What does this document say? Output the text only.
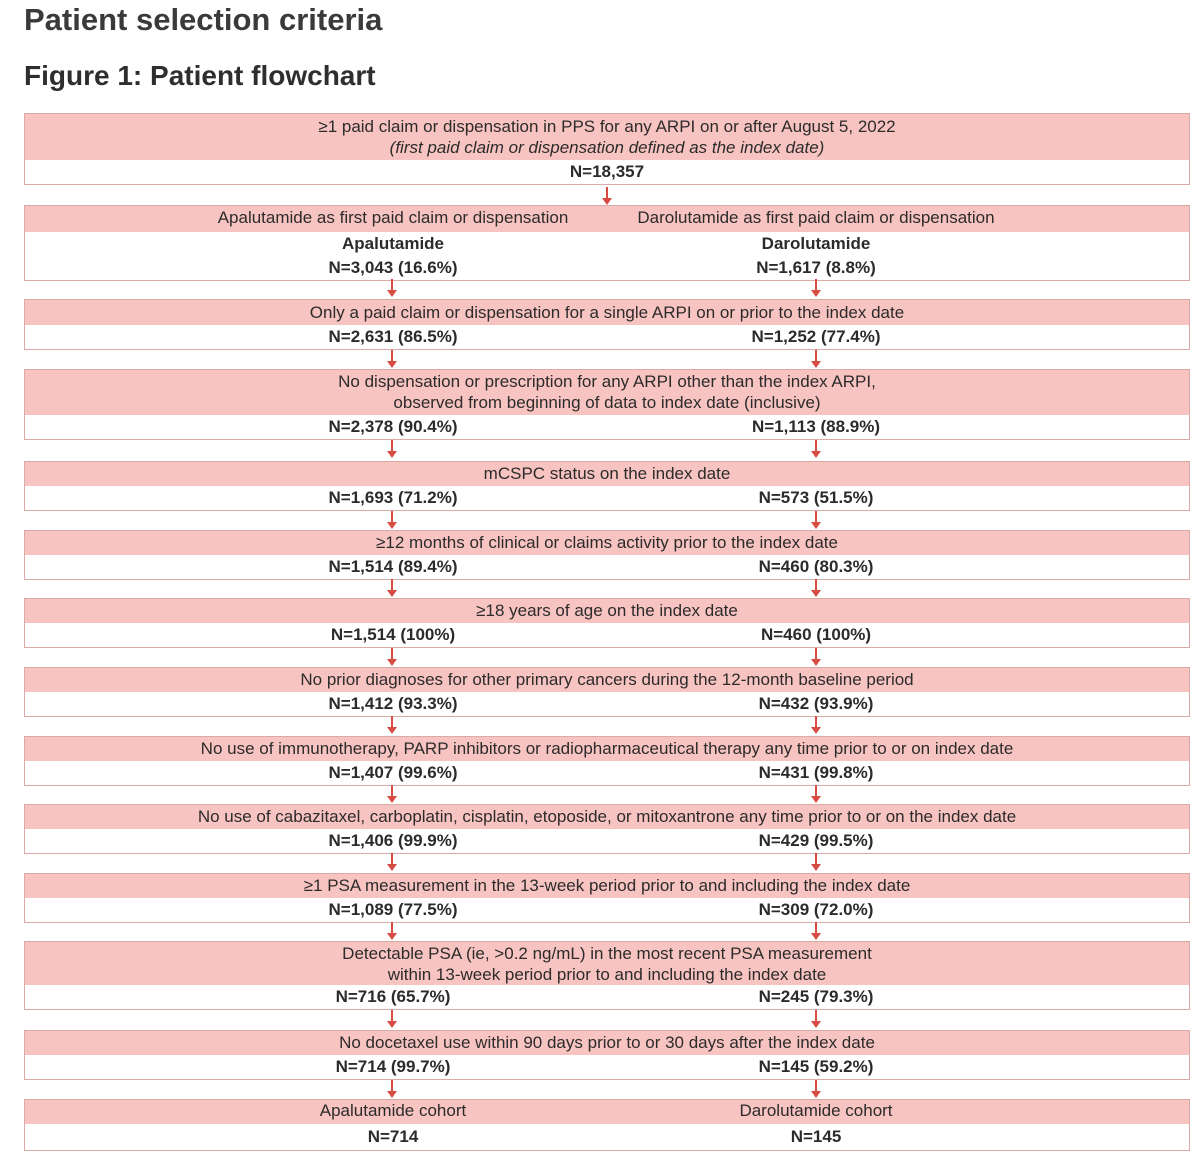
Patient selection criteria
Figure 1: Patient flowchart
≥1 paid claim or dispensation in PPS for any ARPI on or after August 5, 2022
(first paid claim or dispensation defined as the index date)
N=18,357
Apalutamide as first paid claim or dispensation	Darolutamide as first paid claim or dispensation
Apalutamide	Darolutamide
N=3,043 (16.6%)	N=1,617 (8.8%)
Only a paid claim or dispensation for a single ARPI on or prior to the index date
N=2,631 (86.5%)	N=1,252 (77.4%)
No dispensation or prescription for any ARPI other than the index ARPI,
observed from beginning of data to index date (inclusive)
N=2,378 (90.4%)	N=1,113 (88.9%)
mCSPC status on the index date
N=1,693 (71.2%)	N=573 (51.5%)
≥12 months of clinical or claims activity prior to the index date
N=1,514 (89.4%)	N=460 (80.3%)
≥18 years of age on the index date
N=1,514 (100%)	N=460 (100%)
No prior diagnoses for other primary cancers during the 12-month baseline period
N=1,412 (93.3%)	N=432 (93.9%)
No use of immunotherapy, PARP inhibitors or radiopharmaceutical therapy any time prior to or on index date
N=1,407 (99.6%)	N=431 (99.8%)
No use of cabazitaxel, carboplatin, cisplatin, etoposide, or mitoxantrone any time prior to or on the index date
N=1,406 (99.9%)	N=429 (99.5%)
≥1 PSA measurement in the 13-week period prior to and including the index date
N=1,089 (77.5%)	N=309 (72.0%)
Detectable PSA (ie, >0.2 ng/mL) in the most recent PSA measurement
within 13-week period prior to and including the index date
N=716 (65.7%)	N=245 (79.3%)
No docetaxel use within 90 days prior to or 30 days after the index date
N=714 (99.7%)	N=145 (59.2%)
Apalutamide cohort	Darolutamide cohort
N=714	N=145
